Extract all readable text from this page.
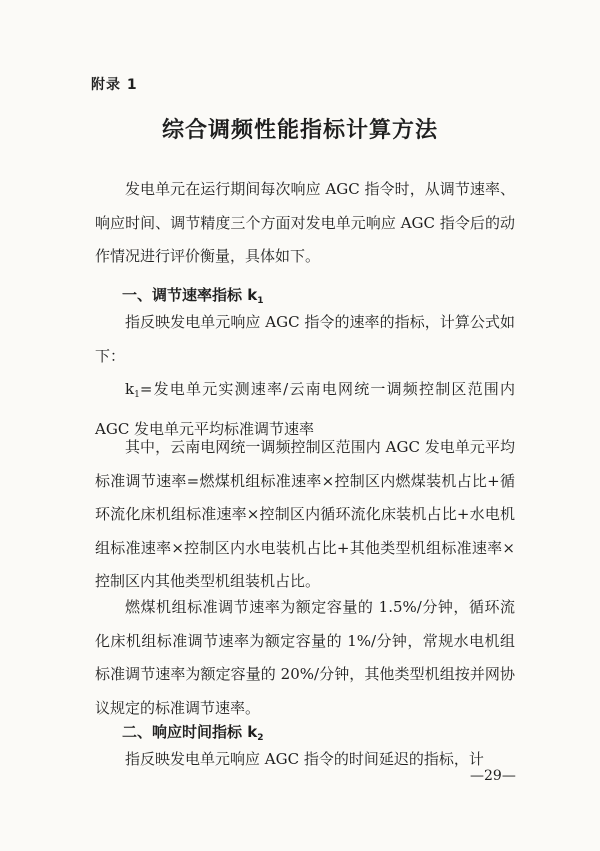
附录 1
综合调频性能指标计算方法

发电单元在运行期间每次响应 AGC 指令时，从调节速率、响应时间、调节精度三个方面对发电单元响应 AGC 指令后的动作情况进行评价衡量，具体如下。

一、调节速率指标 $k_1$

指反映发电单元响应 AGC 指令的速率的指标，计算公式如下：

$k_1=$发电单元实测速率/云南电网统一调频控制区范围内 AGC 发电单元平均标准调节速率

其中，云南电网统一调频控制区范围内 AGC 发电单元平均标准调节速率=燃煤机组标准速率×控制区内燃煤装机占比+循环流化床机组标准速率×控制区内循环流化床装机占比+水电机组标准速率×控制区内水电装机占比+其他类型机组标准速率×控制区内其他类型机组装机占比。

燃煤机组标准调节速率为额定容量的 1.5%/分钟，循环流化床机组标准调节速率为额定容量的 1%/分钟，常规水电机组标准调节速率为额定容量的 20%/分钟，其他类型机组按并网协议规定的标准调节速率。

二、响应时间指标 $k_2$

指反映发电单元响应 AGC 指令的时间延迟的指标，计

—29—
